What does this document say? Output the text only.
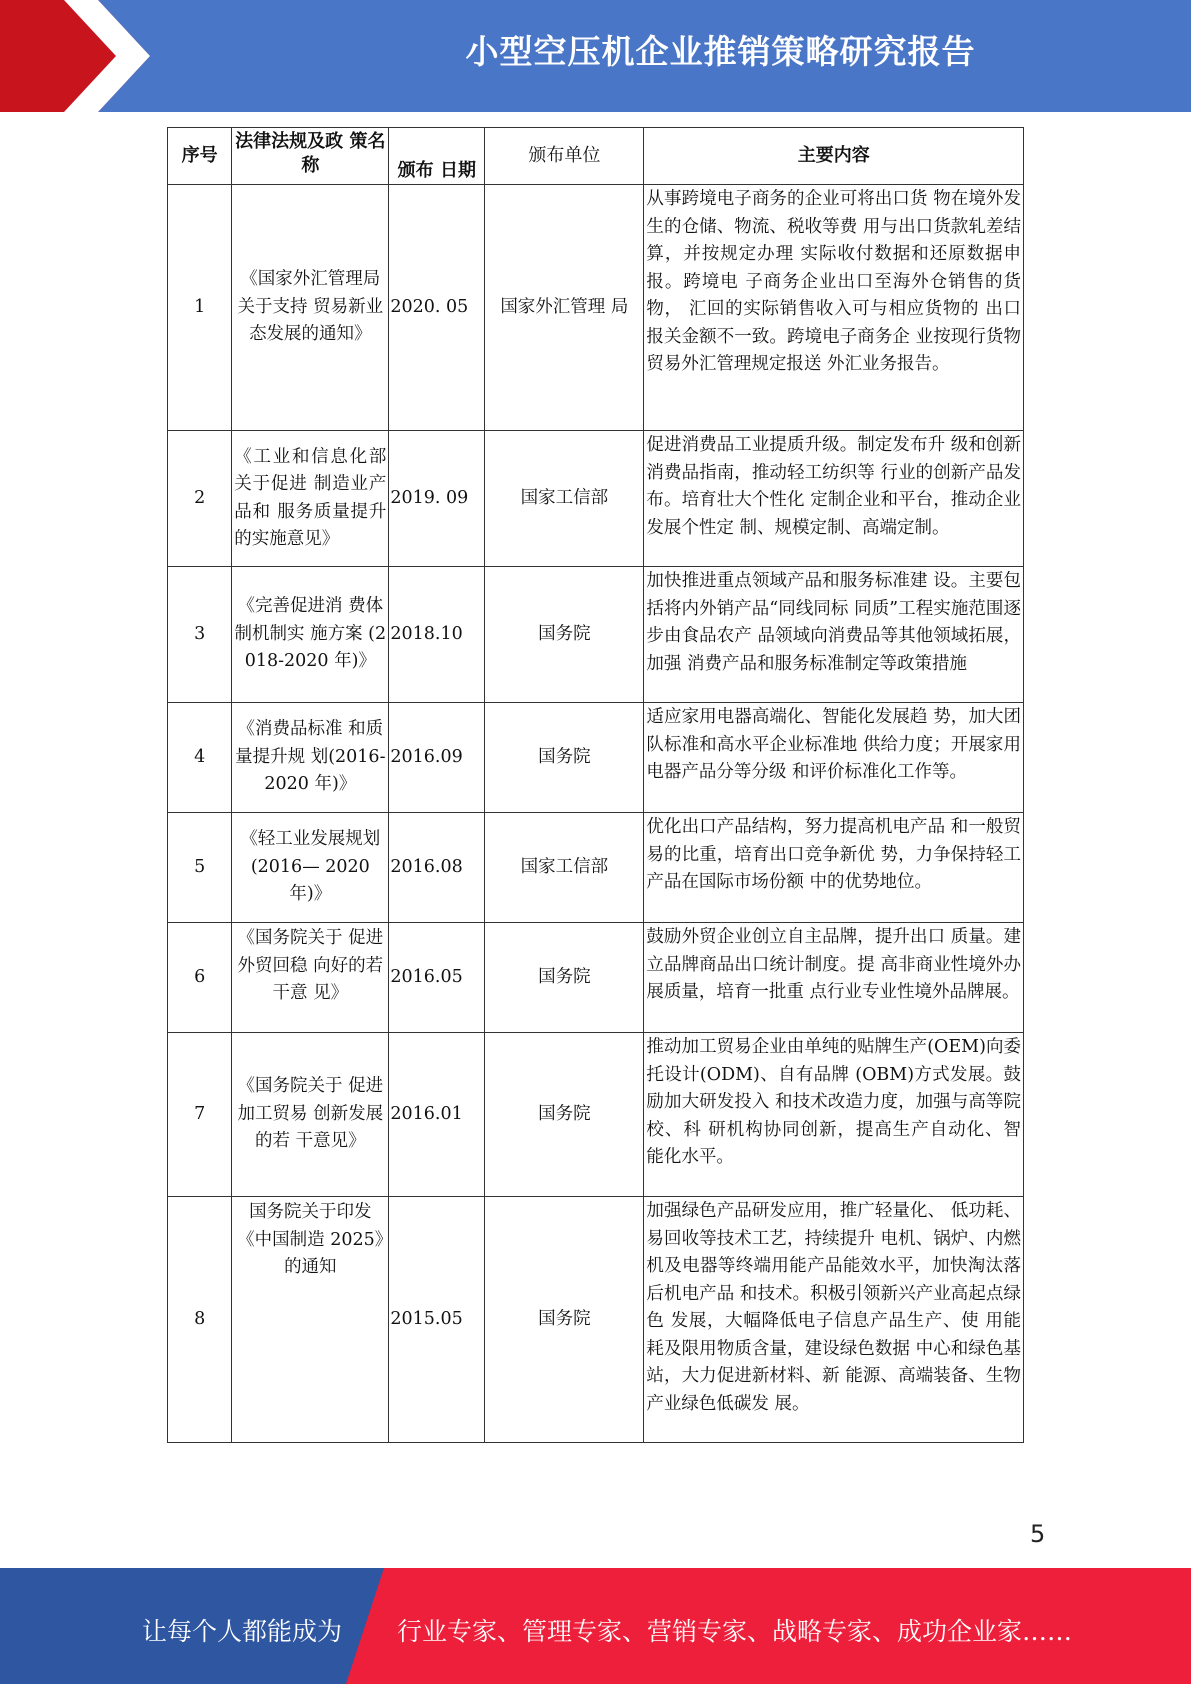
小型空压机企业推销策略研究报告
序号	法律法规及政 策名称	颁布 日期	颁布单位	主要内容
1	《国家外汇管理局关于支持 贸易新业态发展的通知》	2020. 05	国家外汇管理 局	从事跨境电子商务的企业可将出口货 物在境外发生的仓储、物流、税收等费 用与出口货款轧差结算，并按规定办理 实际收付数据和还原数据申报。跨境电 子商务企业出口至海外仓销售的货物， 汇回的实际销售收入可与相应货物的 出口报关金额不一致。跨境电子商务企 业按现行货物贸易外汇管理规定报送 外汇业务报告。
2	《工业和信息化部关于促进 制造业产品和 服务质量提升 的实施意见》	2019. 09	国家工信部	促进消费品工业提质升级。制定发布升 级和创新消费品指南，推动轻工纺织等 行业的创新产品发布。培育壮大个性化 定制企业和平台，推动企业发展个性定 制、规模定制、高端定制。
3	《完善促进消 费体制机制实 施方案 (2018-2020 年)》	2018.10	国务院	加快推进重点领域产品和服务标准建 设。主要包括将内外销产品“同线同标 同质”工程实施范围逐步由食品农产 品领域向消费品等其他领域拓展，加强 消费产品和服务标准制定等政策措施
4	《消费品标准 和质量提升规 划(2016-2020 年)》	2016.09	国务院	适应家用电器高端化、智能化发展趋 势，加大团队标准和高水平企业标准地 供给力度；开展家用电器产品分等分级 和评价标准化工作等。
5	《轻工业发展规划(2016— 2020 年)》	2016.08	国家工信部	优化出口产品结构，努力提高机电产品 和一般贸易的比重，培育出口竞争新优 势，力争保持轻工产品在国际市场份额 中的优势地位。
6	《国务院关于 促进外贸回稳 向好的若干意 见》	2016.05	国务院	鼓励外贸企业创立自主品牌，提升出口 质量。建立品牌商品出口统计制度。提 高非商业性境外办展质量，培育一批重 点行业专业性境外品牌展。
7	《国务院关于 促进加工贸易 创新发展的若 干意见》	2016.01	国务院	推动加工贸易企业由单纯的贴牌生产(OEM)向委托设计(ODM)、自有品牌 (OBM)方式发展。鼓励加大研发投入 和技术改造力度，加强与高等院校、科 研机构协同创新，提高生产自动化、智 能化水平。
8	国务院关于印发《中国制造 2025》的通知	2015.05	国务院	加强绿色产品研发应用，推广轻量化、 低功耗、易回收等技术工艺，持续提升 电机、锅炉、内燃机及电器等终端用能产品能效水平，加快淘汰落后机电产品 和技术。积极引领新兴产业高起点绿色 发展，大幅降低电子信息产品生产、使 用能耗及限用物质含量，建设绿色数据 中心和绿色基站，大力促进新材料、新 能源、高端装备、生物产业绿色低碳发 展。
5
让每个人都能成为 行业专家、管理专家、营销专家、战略专家、成功企业家……
